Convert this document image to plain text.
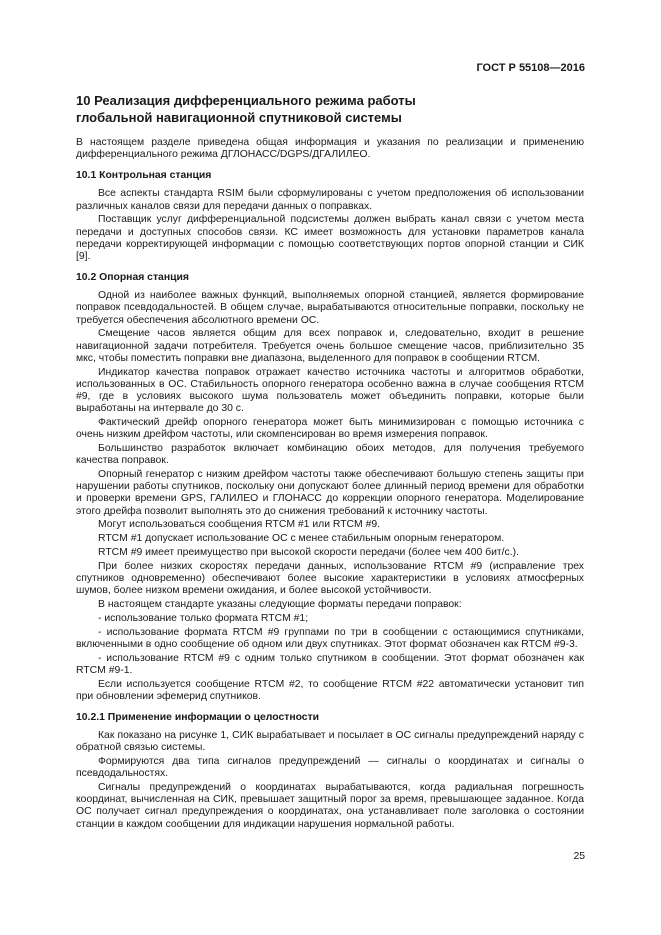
ГОСТ Р 55108—2016
10 Реализация дифференциального режима работы
глобальной навигационной спутниковой системы

В настоящем разделе приведена общая информация и указания по реализации и применению дифференциального режима ДГЛОНАСС/DGPS/ДГАЛИЛЕО.

10.1 Контрольная станция

Все аспекты стандарта RSIM были сформулированы с учетом предположения об использовании различных каналов связи для передачи данных о поправках.

Поставщик услуг дифференциальной подсистемы должен выбрать канал связи с учетом места передачи и доступных способов связи. КС имеет возможность для установки параметров канала передачи корректирующей информации с помощью соответствующих портов опорной станции и СИК [9].

10.2 Опорная станция

Одной из наиболее важных функций, выполняемых опорной станцией, является формирование поправок псевдодальностей. В общем случае, вырабатываются относительные поправки, поскольку не требуется обеспечения абсолютного времени ОС.

Смещение часов является общим для всех поправок и, следовательно, входит в решение навигационной задачи потребителя. Требуется очень большое смещение часов, приблизительно 35 мкс, чтобы поместить поправки вне диапазона, выделенного для поправок в сообщении RTCM.

Индикатор качества поправок отражает качество источника частоты и алгоритмов обработки, использованных в ОС. Стабильность опорного генератора особенно важна в случае сообщения RTCM #9, где в условиях высокого шума пользователь может объединить поправки, которые были выработаны на интервале до 30 с.

Фактический дрейф опорного генератора может быть минимизирован с помощью источника с очень низким дрейфом частоты, или скомпенсирован во время измерения поправок.

Большинство разработок включает комбинацию обоих методов, для получения требуемого качества поправок.

Опорный генератор с низким дрейфом частоты также обеспечивают большую степень защиты при нарушении работы спутников, поскольку они допускают более длинный период времени для обработки и проверки времени GPS, ГАЛИЛЕО и ГЛОНАСС до коррекции опорного генератора. Моделирование этого дрейфа позволит выполнять это до снижения требований к источнику частоты.

Могут использоваться сообщения RTCM #1 или RTCM #9.

RTCM #1 допускает использование ОС с менее стабильным опорным генератором.

RTCM #9 имеет преимущество при высокой скорости передачи (более чем 400 бит/с.).

При более низких скоростях передачи данных, использование RTCM #9 (исправление трех спутников одновременно) обеспечивают более высокие характеристики в условиях атмосферных шумов, более низком времени ожидания, и более высокой устойчивости.

В настоящем стандарте указаны следующие форматы передачи поправок:

- использование только формата RTCM #1;

- использование формата RTCM #9 группами по три в сообщении с остающимися спутниками, включенными в одно сообщение об одном или двух спутниках. Этот формат обозначен как RTCM #9-3.

- использование RTCM #9 с одним только спутником в сообщении. Этот формат обозначен как RTCM #9-1.

Если используется сообщение RTCM #2, то сообщение RTCM #22 автоматически установит тип при обновлении эфемерид спутников.

10.2.1 Применение информации о целостности

Как показано на рисунке 1, СИК вырабатывает и посылает в ОС сигналы предупреждений наряду с обратной связью системы.

Формируются два типа сигналов предупреждений — сигналы о координатах и сигналы о псевдодальностях.

Сигналы предупреждений о координатах вырабатываются, когда радиальная погрешность координат, вычисленная на СИК, превышает защитный порог за время, превышающее заданное. Когда ОС получает сигнал предупреждения о координатах, она устанавливает поле заголовка о состоянии станции в каждом сообщении для индикации нарушения нормальной работы.

25
